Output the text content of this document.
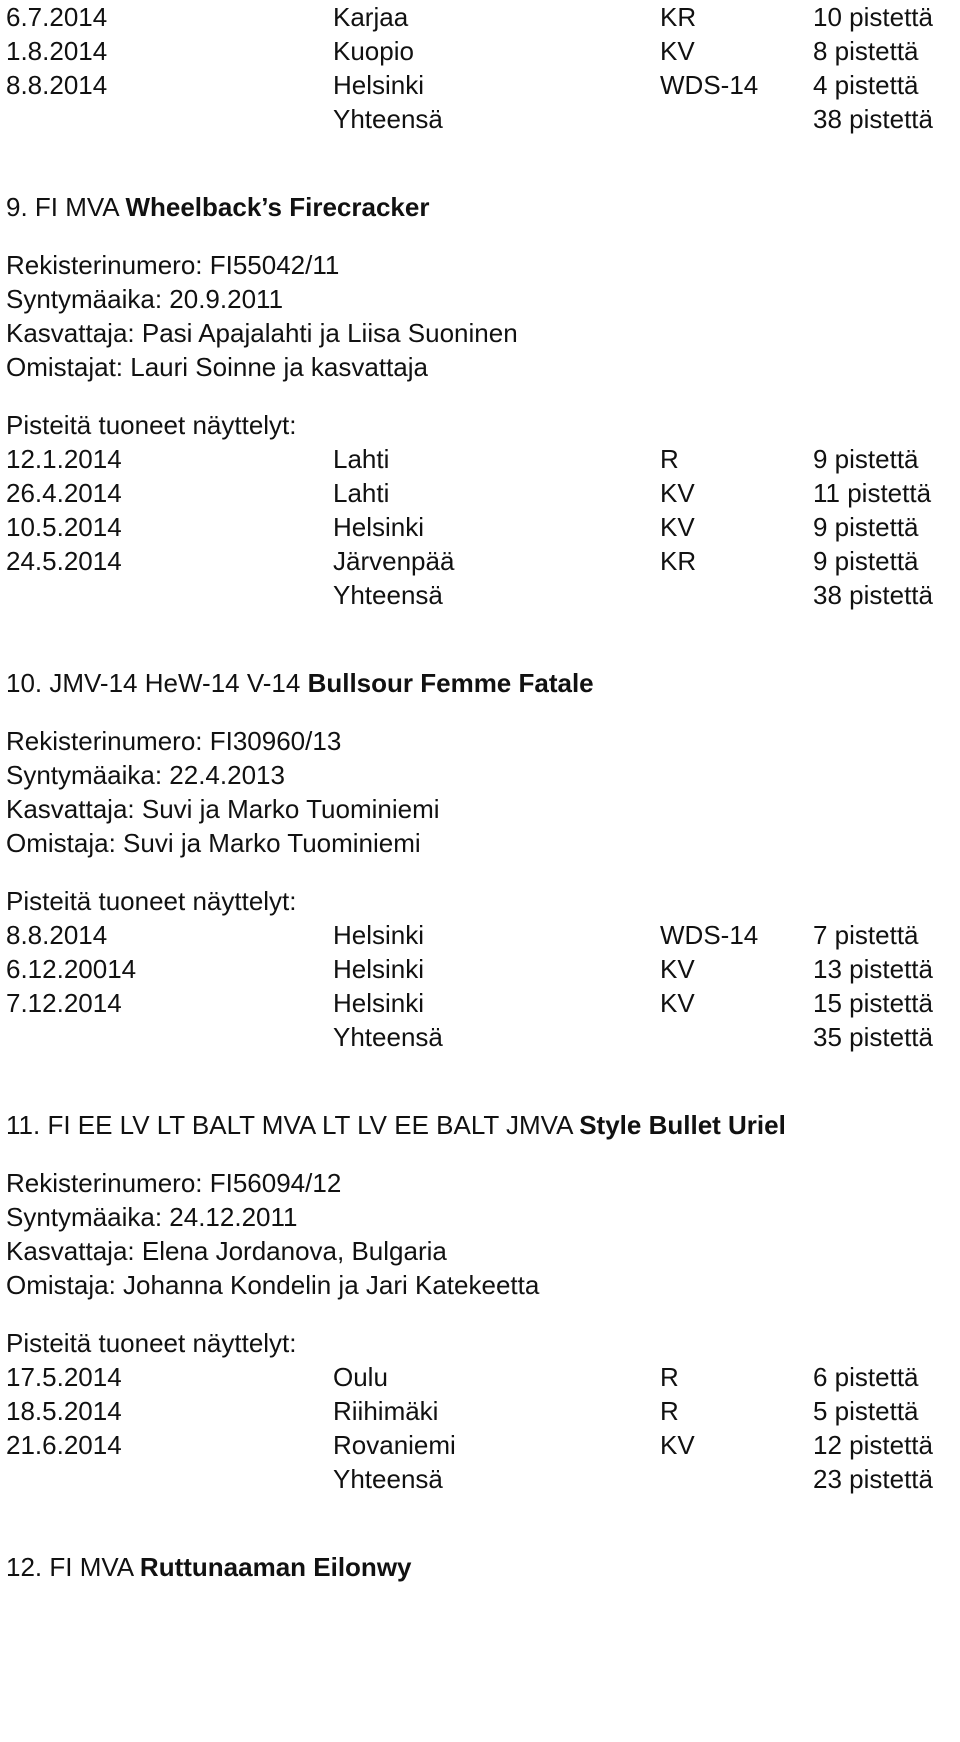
6.7.2014	Karjaa	KR	10 pistettä
1.8.2014	Kuopio	KV	8 pistettä
8.8.2014	Helsinki	WDS-14 4 pistettä
Yhteensä	38 pistettä
9. FI MVA Wheelback’s Firecracker
Rekisterinumero: FI55042/11
Syntymäaika: 20.9.2011
Kasvattaja: Pasi Apajalahti ja Liisa Suoninen
Omistajat: Lauri Soinne ja kasvattaja
Pisteitä tuoneet näyttelyt:
12.1.2014	Lahti	R	9 pistettä
26.4.2014	Lahti	KV	11 pistettä
10.5.2014	Helsinki	KV	9 pistettä
24.5.2014	Järvenpää	KR	9 pistettä
Yhteensä	38 pistettä
10. JMV-14 HeW-14 V-14 Bullsour Femme Fatale
Rekisterinumero: FI30960/13
Syntymäaika: 22.4.2013
Kasvattaja: Suvi ja Marko Tuominiemi
Omistaja: Suvi ja Marko Tuominiemi
Pisteitä tuoneet näyttelyt:
8.8.2014	Helsinki	WDS-14 7 pistettä
6.12.20014	Helsinki	KV	13 pistettä
7.12.2014	Helsinki	KV	15 pistettä
Yhteensä	35 pistettä
11. FI EE LV LT BALT MVA LT LV EE BALT JMVA Style Bullet Uriel
Rekisterinumero: FI56094/12
Syntymäaika: 24.12.2011
Kasvattaja: Elena Jordanova, Bulgaria
Omistaja: Johanna Kondelin ja Jari Katekeetta
Pisteitä tuoneet näyttelyt:
17.5.2014	Oulu	R	6 pistettä
18.5.2014	Riihimäki	R	5 pistettä
21.6.2014	Rovaniemi	KV	12 pistettä
Yhteensä	23 pistettä
12. FI MVA Ruttunaaman Eilonwy
